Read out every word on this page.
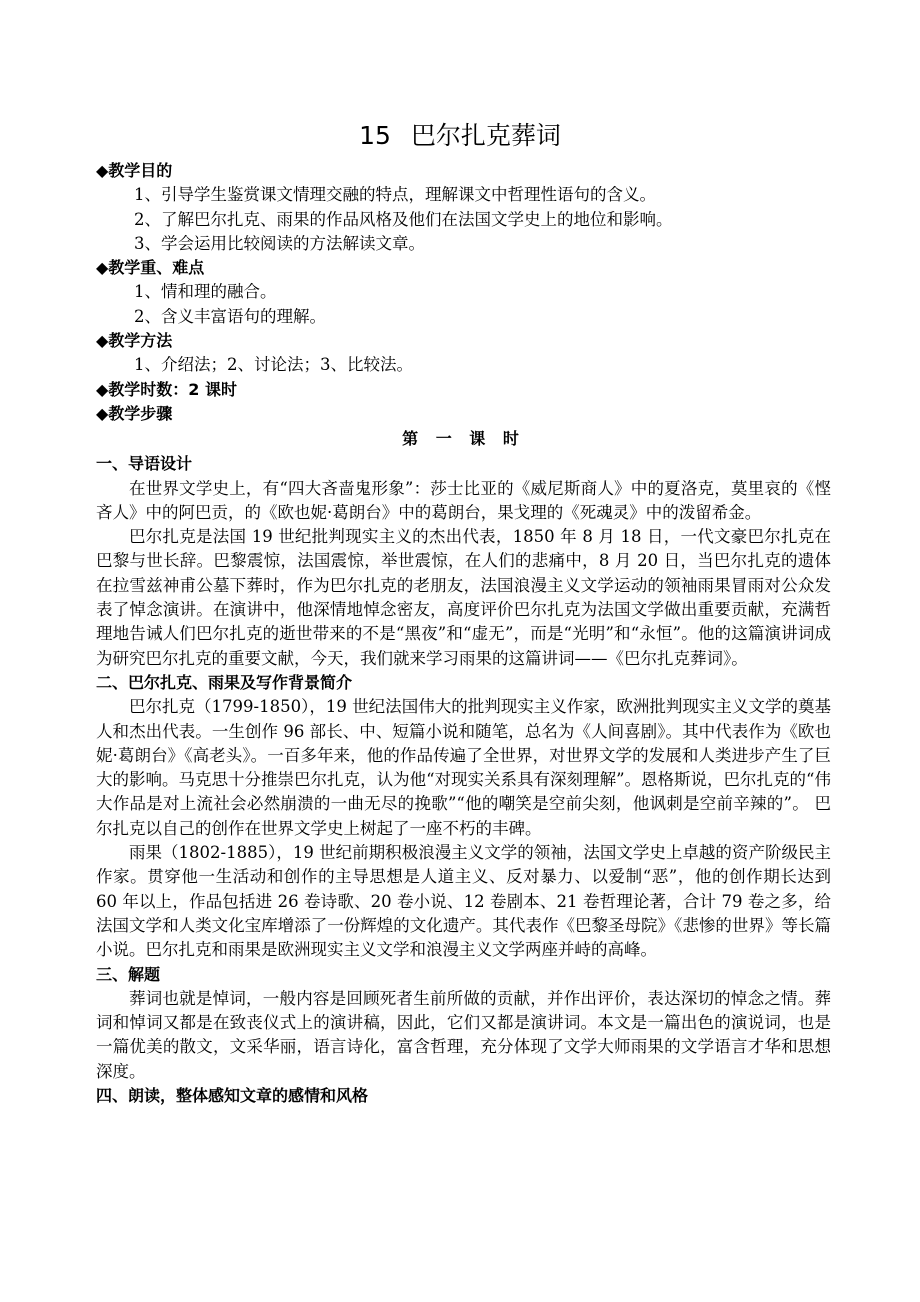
15 巴尔扎克葬词
◆教学目的
1、引导学生鉴赏课文情理交融的特点，理解课文中哲理性语句的含义。
2、了解巴尔扎克、雨果的作品风格及他们在法国文学史上的地位和影响。
3、学会运用比较阅读的方法解读文章。
◆教学重、难点
1、情和理的融合。
2、含义丰富语句的理解。
◆教学方法
1、介绍法；2、讨论法；3、比较法。
◆教学时数：2 课时
◆教学步骤
第 一 课 时
一、导语设计
在世界文学史上，有“四大吝啬鬼形象”：莎士比亚的《威尼斯商人》中的夏洛克，莫里哀的《悭吝人》中的阿巴贡，的《欧也妮·葛朗台》中的葛朗台，果戈理的《死魂灵》中的泼留希金。
巴尔扎克是法国 19 世纪批判现实主义的杰出代表，1850 年 8 月 18 日，一代文豪巴尔扎克在巴黎与世长辞。巴黎震惊，法国震惊，举世震惊，在人们的悲痛中，8 月 20 日，当巴尔扎克的遗体在拉雪兹神甫公墓下葬时，作为巴尔扎克的老朋友，法国浪漫主义文学运动的领袖雨果冒雨对公众发表了悼念演讲。在演讲中，他深情地悼念密友，高度评价巴尔扎克为法国文学做出重要贡献，充满哲理地告诫人们巴尔扎克的逝世带来的不是“黑夜”和“虚无”，而是“光明”和“永恒”。他的这篇演讲词成为研究巴尔扎克的重要文献，今天，我们就来学习雨果的这篇讲词——《巴尔扎克葬词》。
二、巴尔扎克、雨果及写作背景简介
巴尔扎克（1799-1850），19 世纪法国伟大的批判现实主义作家，欧洲批判现实主义文学的奠基人和杰出代表。一生创作 96 部长、中、短篇小说和随笔，总名为《人间喜剧》。其中代表作为《欧也妮·葛朗台》《高老头》。一百多年来，他的作品传遍了全世界，对世界文学的发展和人类进步产生了巨大的影响。马克思十分推崇巴尔扎克，认为他“对现实关系具有深刻理解”。恩格斯说，巴尔扎克的“伟大作品是对上流社会必然崩溃的一曲无尽的挽歌”“他的嘲笑是空前尖刻，他讽刺是空前辛辣的”。 巴尔扎克以自己的创作在世界文学史上树起了一座不朽的丰碑。
雨果（1802-1885），19 世纪前期积极浪漫主义文学的领袖，法国文学史上卓越的资产阶级民主作家。贯穿他一生活动和创作的主导思想是人道主义、反对暴力、以爱制“恶”，他的创作期长达到 60 年以上，作品包括进 26 卷诗歌、20 卷小说、12 卷剧本、21 卷哲理论著，合计 79 卷之多，给法国文学和人类文化宝库增添了一份辉煌的文化遗产。其代表作《巴黎圣母院》《悲惨的世界》等长篇小说。巴尔扎克和雨果是欧洲现实主义文学和浪漫主义文学两座并峙的高峰。
三、解题
葬词也就是悼词，一般内容是回顾死者生前所做的贡献，并作出评价，表达深切的悼念之情。葬词和悼词又都是在致丧仪式上的演讲稿，因此，它们又都是演讲词。本文是一篇出色的演说词，也是一篇优美的散文，文采华丽，语言诗化，富含哲理，充分体现了文学大师雨果的文学语言才华和思想深度。
四、朗读，整体感知文章的感情和风格
